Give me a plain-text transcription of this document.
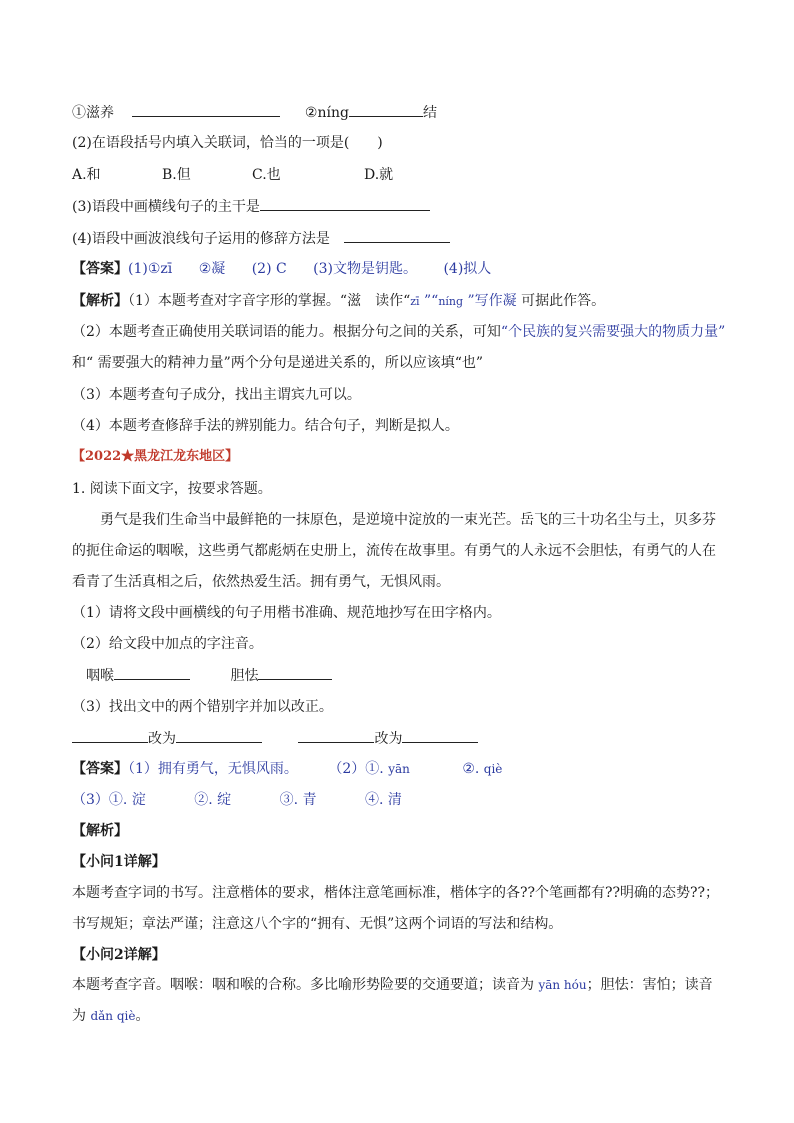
①滋养	②níng	结
(2)在语段括号内填入关联词，恰当的一项是(　　)
A.和	B.但	C.也	D.就
(3)语段中画横线句子的主干是
(4)语段中画波浪线句子运用的修辞方法是
【答案】(1)①zī ②凝 (2) C (3)文物是钥匙。 (4)拟人
【解析】（1）本题考查对字音字形的掌握。“滋　读作“zī ”“níng ”写作凝 可据此作答。
（2）本题考查正确使用关联词语的能力。根据分句之间的关系，可知“个民族的复兴需要强大的物质力量”
和“ 需要强大的精神力量”两个分句是递进关系的，所以应该填“也”
（3）本题考查句子成分，找出主谓宾九可以。
（4）本题考查修辞手法的辨别能力。结合句子，判断是拟人。
【2022★黑龙江龙东地区】
1. 阅读下面文字，按要求答题。
勇气是我们生命当中最鲜艳的一抹原色，是逆境中淀放的一束光芒。岳飞的三十功名尘与土，贝多芬的扼住命运的咽喉，这些勇气都彪炳在史册上，流传在故事里。有勇气的人永远不会胆怯，有勇气的人在看青了生活真相之后，依然热爱生活。拥有勇气，无惧风雨。
（1）请将文段中画横线的句子用楷书准确、规范地抄写在田字格内。
（2）给文段中加点的字注音。
咽喉	胆怯
（3）找出文中的两个错别字并加以改正。
改为	改为
【答案】（1）拥有勇气，无惧风雨。 （2）①. yān	②. qiè
（3）①. 淀	②. 绽	③. 青	④. 清
【解析】
【小问1详解】
本题考查字词的书写。注意楷体的要求，楷体注意笔画标准，楷体字的各??个笔画都有??明确的态势??；书写规矩；章法严谨；注意这八个字的“拥有、无惧”这两个词语的写法和结构。
【小问2详解】
本题考查字音。咽喉：咽和喉的合称。多比喻形势险要的交通要道；读音为 yān hóu；胆怯：害怕；读音为 dǎn qiè。
